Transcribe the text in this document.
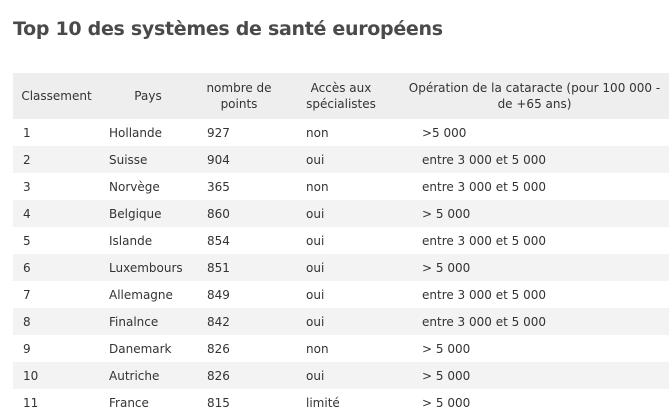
Top 10 des systèmes de santé européens
Classement	Pays	nombre de points	Accès aux spécialistes	Opération de la cataracte (pour 100 000 - de +65 ans)
1	Hollande	927	non	>5 000
2	Suisse	904	oui	entre 3 000 et 5 000
3	Norvège	365	non	entre 3 000 et 5 000
4	Belgique	860	oui	> 5 000
5	Islande	854	oui	entre 3 000 et 5 000
6	Luxembours	851	oui	> 5 000
7	Allemagne	849	oui	entre 3 000 et 5 000
8	Finalnce	842	oui	entre 3 000 et 5 000
9	Danemark	826	non	> 5 000
10	Autriche	826	oui	> 5 000
11	France	815	limité	> 5 000
